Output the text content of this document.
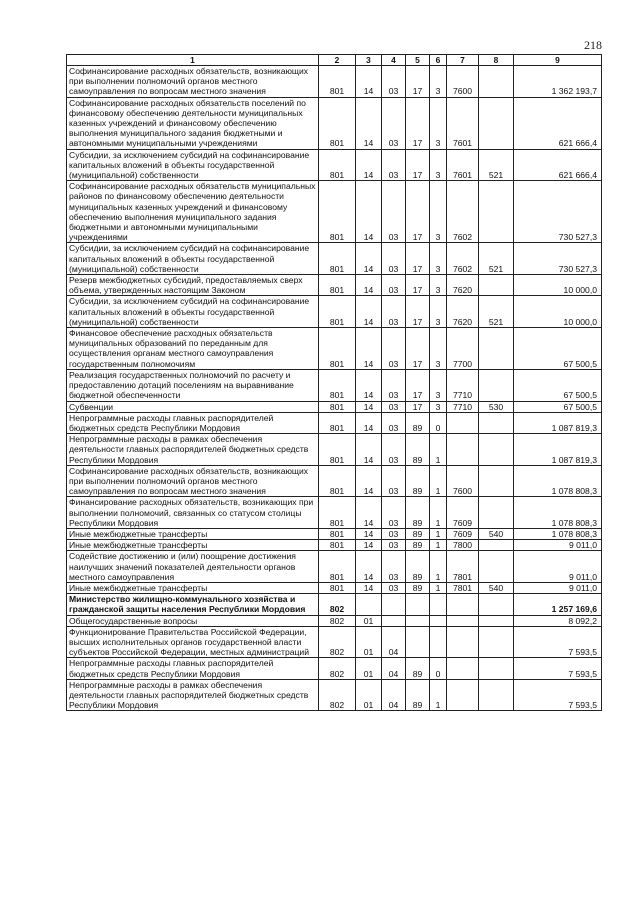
218
1	2	3	4	5	6	7	8	9
Софинансирование расходных обязательств, возникающих при выполнении полномочий органов местного самоуправления по вопросам местного значения	801	14	03	17	3	7600		1 362 193,7
Софинансирование расходных обязательств поселений по финансовому обеспечению деятельности муниципальных казенных учреждений и финансовому обеспечению выполнения муниципального задания бюджетными и автономными муниципальными учреждениями	801	14	03	17	3	7601		621 666,4
Субсидии, за исключением субсидий на софинансирование капитальных вложений в объекты государственной (муниципальной) собственности	801	14	03	17	3	7601	521	621 666,4
Софинансирование расходных обязательств муниципальных районов по финансовому обеспечению деятельности муниципальных казенных учреждений и финансовому обеспечению выполнения муниципального задания бюджетными и автономными муниципальными учреждениями	801	14	03	17	3	7602		730 527,3
Субсидии, за исключением субсидий на софинансирование капитальных вложений в объекты государственной (муниципальной) собственности	801	14	03	17	3	7602	521	730 527,3
Резерв межбюджетных субсидий, предоставляемых сверх объема, утвержденных настоящим Законом	801	14	03	17	3	7620		10 000,0
Субсидии, за исключением субсидий на софинансирование капитальных вложений в объекты государственной (муниципальной) собственности	801	14	03	17	3	7620	521	10 000,0
Финансовое обеспечение расходных обязательств муниципальных образований по переданным для осуществления органам местного самоуправления государственным полномочиям	801	14	03	17	3	7700		67 500,5
Реализация государственных полномочий по расчету и предоставлению дотаций поселениям на выравнивание бюджетной обеспеченности	801	14	03	17	3	7710		67 500,5
Субвенции	801	14	03	17	3	7710	530	67 500,5
Непрограммные расходы главных распорядителей бюджетных средств Республики Мордовия	801	14	03	89	0			1 087 819,3
Непрограммные расходы в рамках обеспечения деятельности главных распорядителей бюджетных средств Республики Мордовия	801	14	03	89	1			1 087 819,3
Софинансирование расходных обязательств, возникающих при выполнении полномочий органов местного самоуправления по вопросам местного значения	801	14	03	89	1	7600		1 078 808,3
Финансирование расходных обязательств, возникающих при выполнении полномочий, связанных со статусом столицы Республики Мордовия	801	14	03	89	1	7609		1 078 808,3
Иные межбюджетные трансферты	801	14	03	89	1	7609	540	1 078 808,3
Иные межбюджетные трансферты	801	14	03	89	1	7800		9 011,0
Содействие достижению и (или) поощрение достижения наилучших значений показателей деятельности органов местного самоуправления	801	14	03	89	1	7801		9 011,0
Иные межбюджетные трансферты	801	14	03	89	1	7801	540	9 011,0
Министерство жилищно-коммунального хозяйства и гражданской защиты населения Республики Мордовия	802							1 257 169,6
Общегосударственные вопросы	802	01						8 092,2
Функционирование Правительства Российской Федерации, высших исполнительных органов государственной власти субъектов Российской Федерации, местных администраций	802	01	04					7 593,5
Непрограммные расходы главных распорядителей бюджетных средств Республики Мордовия	802	01	04	89	0			7 593,5
Непрограммные расходы в рамках обеспечения деятельности главных распорядителей бюджетных средств Республики Мордовия	802	01	04	89	1			7 593,5
